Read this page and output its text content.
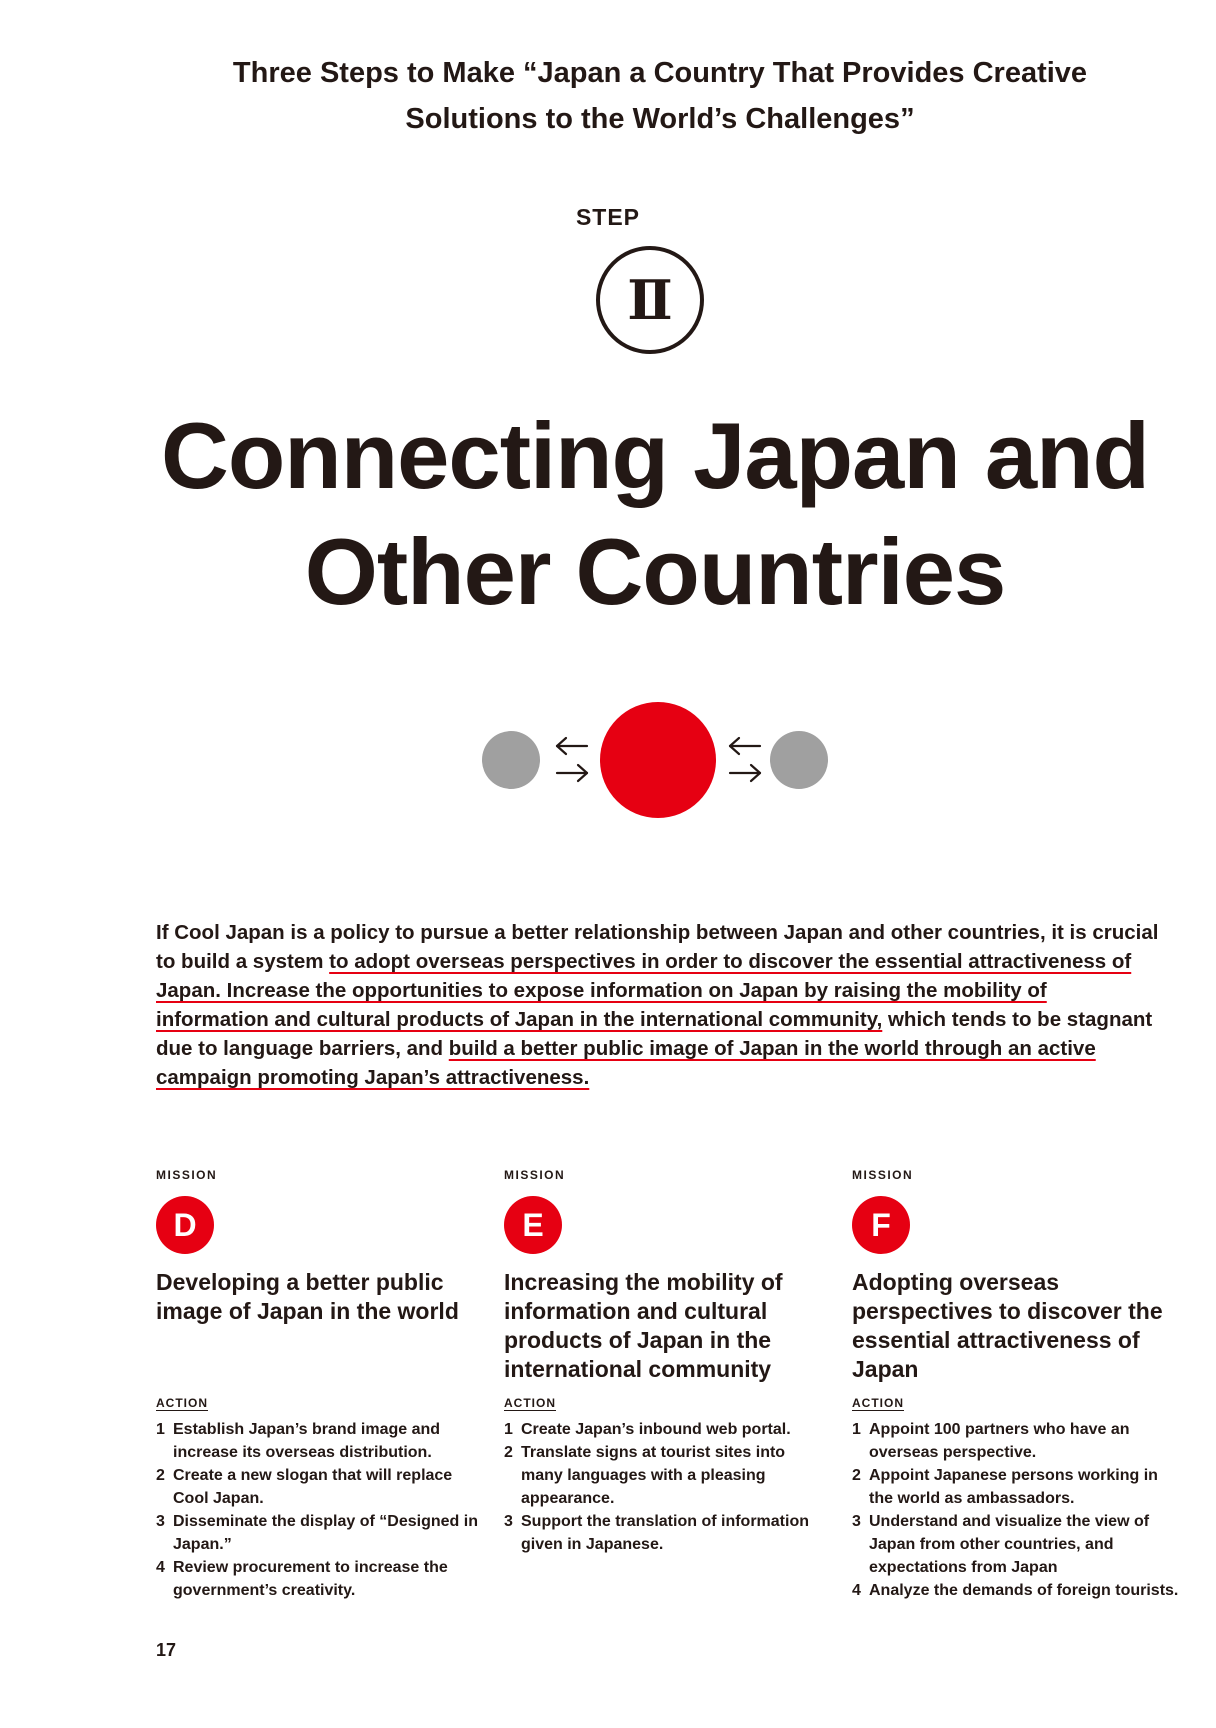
Three Steps to Make “Japan a Country That Provides Creative
Solutions to the World’s Challenges”
STEP
Ⅱ
Connecting Japan and
Other Countries
If Cool Japan is a policy to pursue a better relationship between Japan and other countries, it is crucial to build a system to adopt overseas perspectives in order to discover the essential attractiveness of Japan. Increase the opportunities to expose information on Japan by raising the mobility of information and cultural products of Japan in the international community, which tends to be stagnant due to language barriers, and build a better public image of Japan in the world through an active campaign promoting Japan’s attractiveness.
MISSION
D
Developing a better public image of Japan in the world
ACTION
1 Establish Japan’s brand image and increase its overseas distribution.
2 Create a new slogan that will replace Cool Japan.
3 Disseminate the display of “Designed in Japan.”
4 Review procurement to increase the government’s creativity.
MISSION
E
Increasing the mobility of information and cultural products of Japan in the international community
ACTION
1 Create Japan’s inbound web portal.
2 Translate signs at tourist sites into many languages with a pleasing appearance.
3 Support the translation of information given in Japanese.
MISSION
F
Adopting overseas perspectives to discover the essential attractiveness of Japan
ACTION
1 Appoint 100 partners who have an overseas perspective.
2 Appoint Japanese persons working in the world as ambassadors.
3 Understand and visualize the view of Japan from other countries, and expectations from Japan
4 Analyze the demands of foreign tourists.
17
